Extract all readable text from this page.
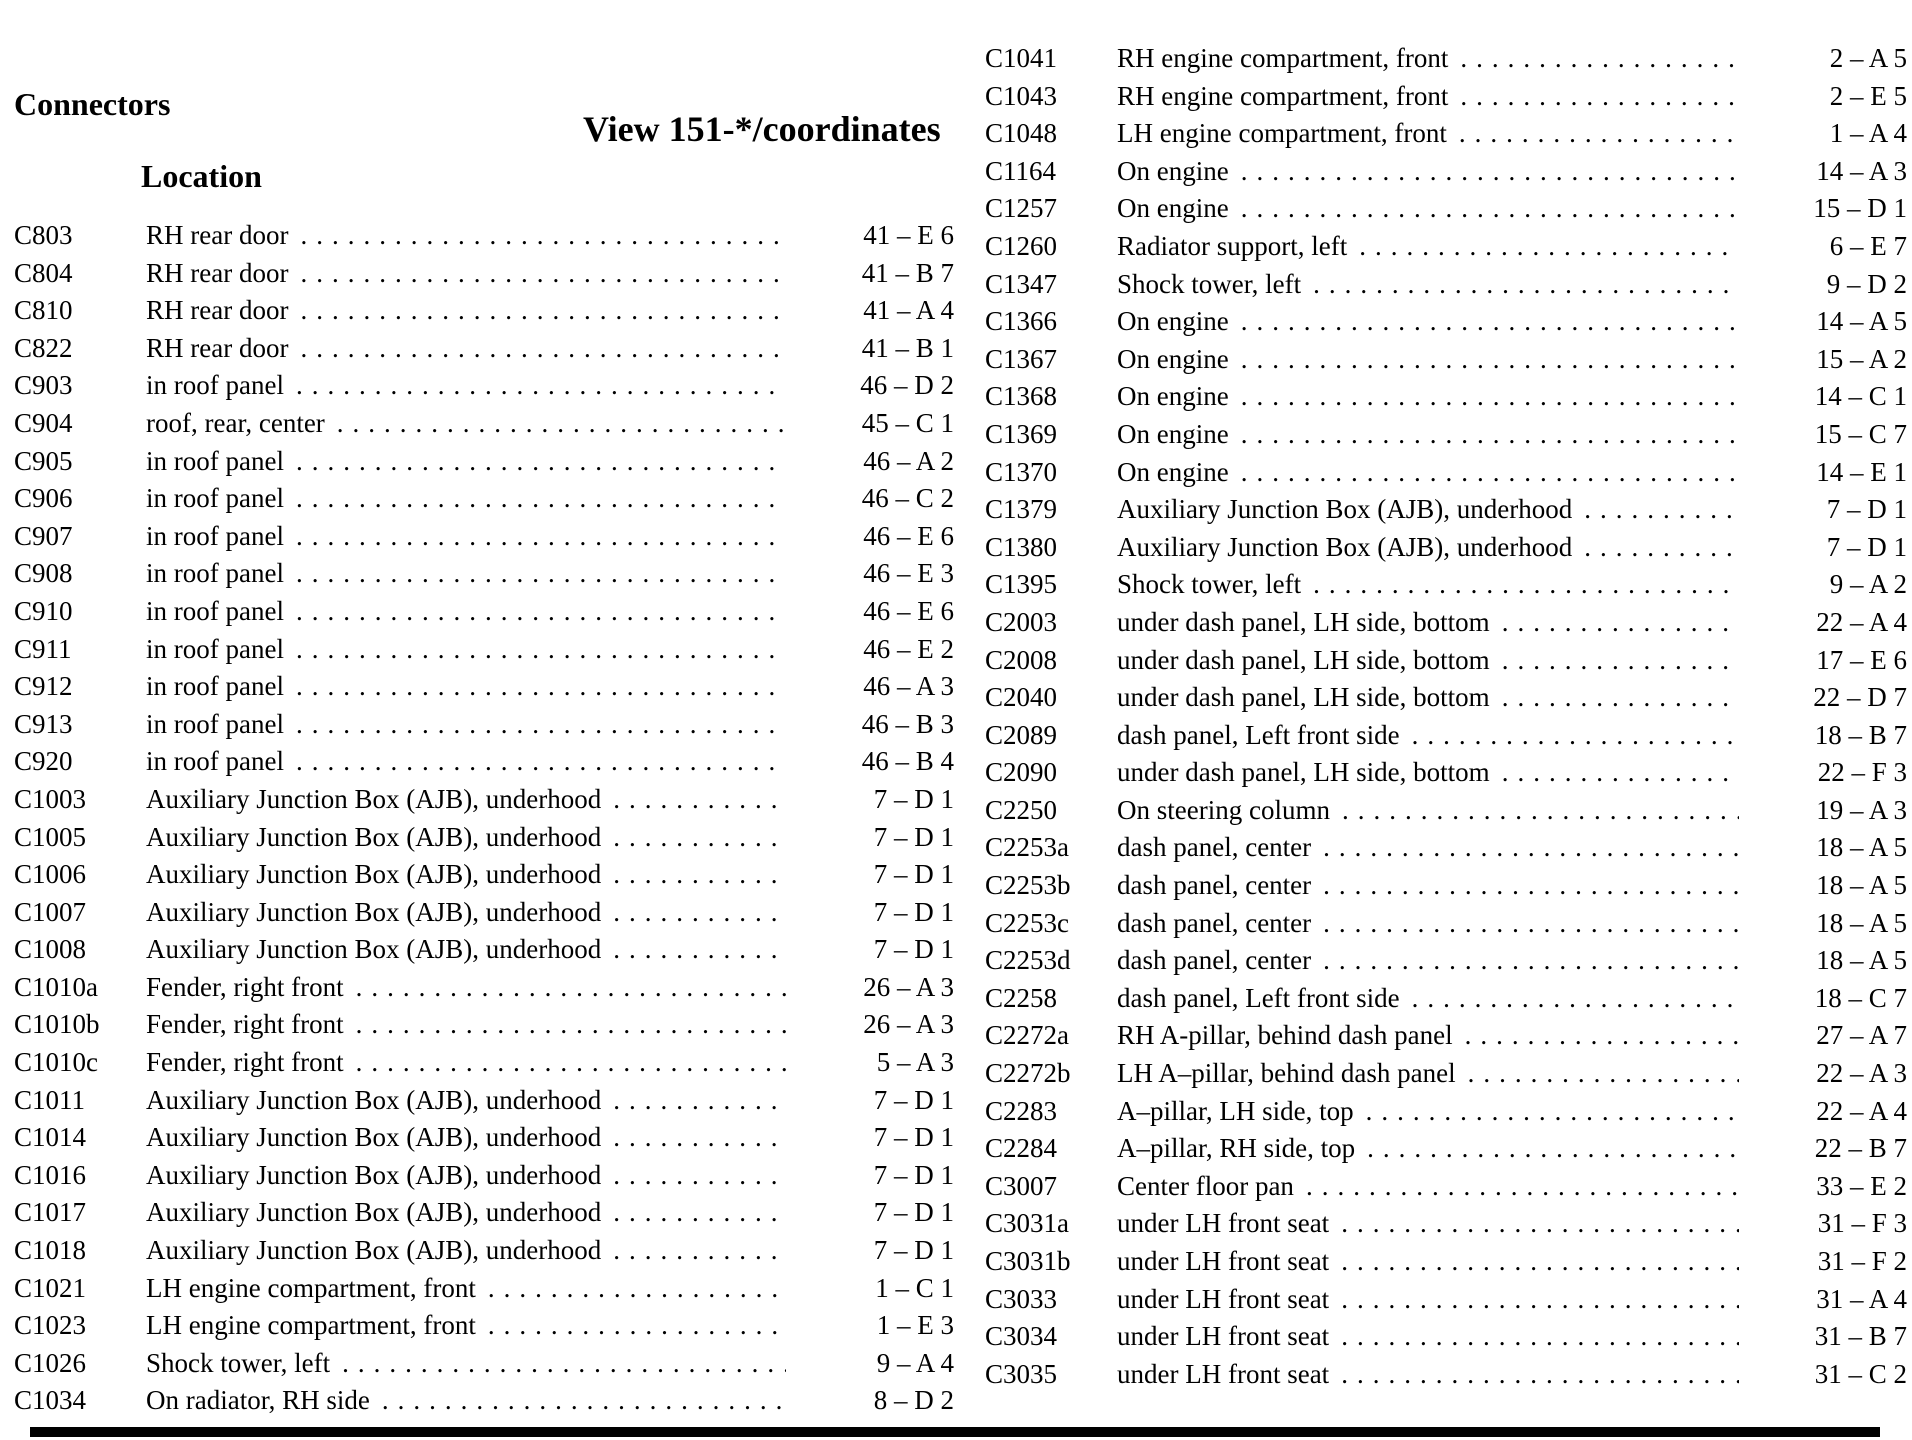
Connectors
View 151-*/coordinates
Location
C803	RH rear door .....	41 – E 6
C804	RH rear door .....	41 – B 7
C810	RH rear door .....	41 – A 4
C822	RH rear door .....	41 – B 1
C903	in roof panel .....	46 – D 2
C904	roof, rear, center .....	45 – C 1
C905	in roof panel .....	46 – A 2
C906	in roof panel .....	46 – C 2
C907	in roof panel .....	46 – E 6
C908	in roof panel .....	46 – E 3
C910	in roof panel .....	46 – E 6
C911	in roof panel .....	46 – E 2
C912	in roof panel .....	46 – A 3
C913	in roof panel .....	46 – B 3
C920	in roof panel .....	46 – B 4
C1003	Auxiliary Junction Box (AJB), underhood .....	7 – D 1
C1005	Auxiliary Junction Box (AJB), underhood .....	7 – D 1
C1006	Auxiliary Junction Box (AJB), underhood .....	7 – D 1
C1007	Auxiliary Junction Box (AJB), underhood .....	7 – D 1
C1008	Auxiliary Junction Box (AJB), underhood .....	7 – D 1
C1010a	Fender, right front .....	26 – A 3
C1010b	Fender, right front .....	26 – A 3
C1010c	Fender, right front .....	5 – A 3
C1011	Auxiliary Junction Box (AJB), underhood .....	7 – D 1
C1014	Auxiliary Junction Box (AJB), underhood .....	7 – D 1
C1016	Auxiliary Junction Box (AJB), underhood .....	7 – D 1
C1017	Auxiliary Junction Box (AJB), underhood .....	7 – D 1
C1018	Auxiliary Junction Box (AJB), underhood .....	7 – D 1
C1021	LH engine compartment, front .....	1 – C 1
C1023	LH engine compartment, front .....	1 – E 3
C1026	Shock tower, left .....	9 – A 4
C1034	On radiator, RH side .....	8 – D 2
C1041	RH engine compartment, front .....	2 – A 5
C1043	RH engine compartment, front .....	2 – E 5
C1048	LH engine compartment, front .....	1 – A 4
C1164	On engine .....	14 – A 3
C1257	On engine .....	15 – D 1
C1260	Radiator support, left .....	6 – E 7
C1347	Shock tower, left .....	9 – D 2
C1366	On engine .....	14 – A 5
C1367	On engine .....	15 – A 2
C1368	On engine .....	14 – C 1
C1369	On engine .....	15 – C 7
C1370	On engine .....	14 – E 1
C1379	Auxiliary Junction Box (AJB), underhood .....	7 – D 1
C1380	Auxiliary Junction Box (AJB), underhood .....	7 – D 1
C1395	Shock tower, left .....	9 – A 2
C2003	under dash panel, LH side, bottom .....	22 – A 4
C2008	under dash panel, LH side, bottom .....	17 – E 6
C2040	under dash panel, LH side, bottom .....	22 – D 7
C2089	dash panel, Left front side .....	18 – B 7
C2090	under dash panel, LH side, bottom .....	22 – F 3
C2250	On steering column .....	19 – A 3
C2253a	dash panel, center .....	18 – A 5
C2253b	dash panel, center .....	18 – A 5
C2253c	dash panel, center .....	18 – A 5
C2253d	dash panel, center .....	18 – A 5
C2258	dash panel, Left front side .....	18 – C 7
C2272a	RH A-pillar, behind dash panel .....	27 – A 7
C2272b	LH A–pillar, behind dash panel .....	22 – A 3
C2283	A–pillar, LH side, top .....	22 – A 4
C2284	A–pillar, RH side, top .....	22 – B 7
C3007	Center floor pan .....	33 – E 2
C3031a	under LH front seat .....	31 – F 3
C3031b	under LH front seat .....	31 – F 2
C3033	under LH front seat .....	31 – A 4
C3034	under LH front seat .....	31 – B 7
C3035	under LH front seat .....	31 – C 2
